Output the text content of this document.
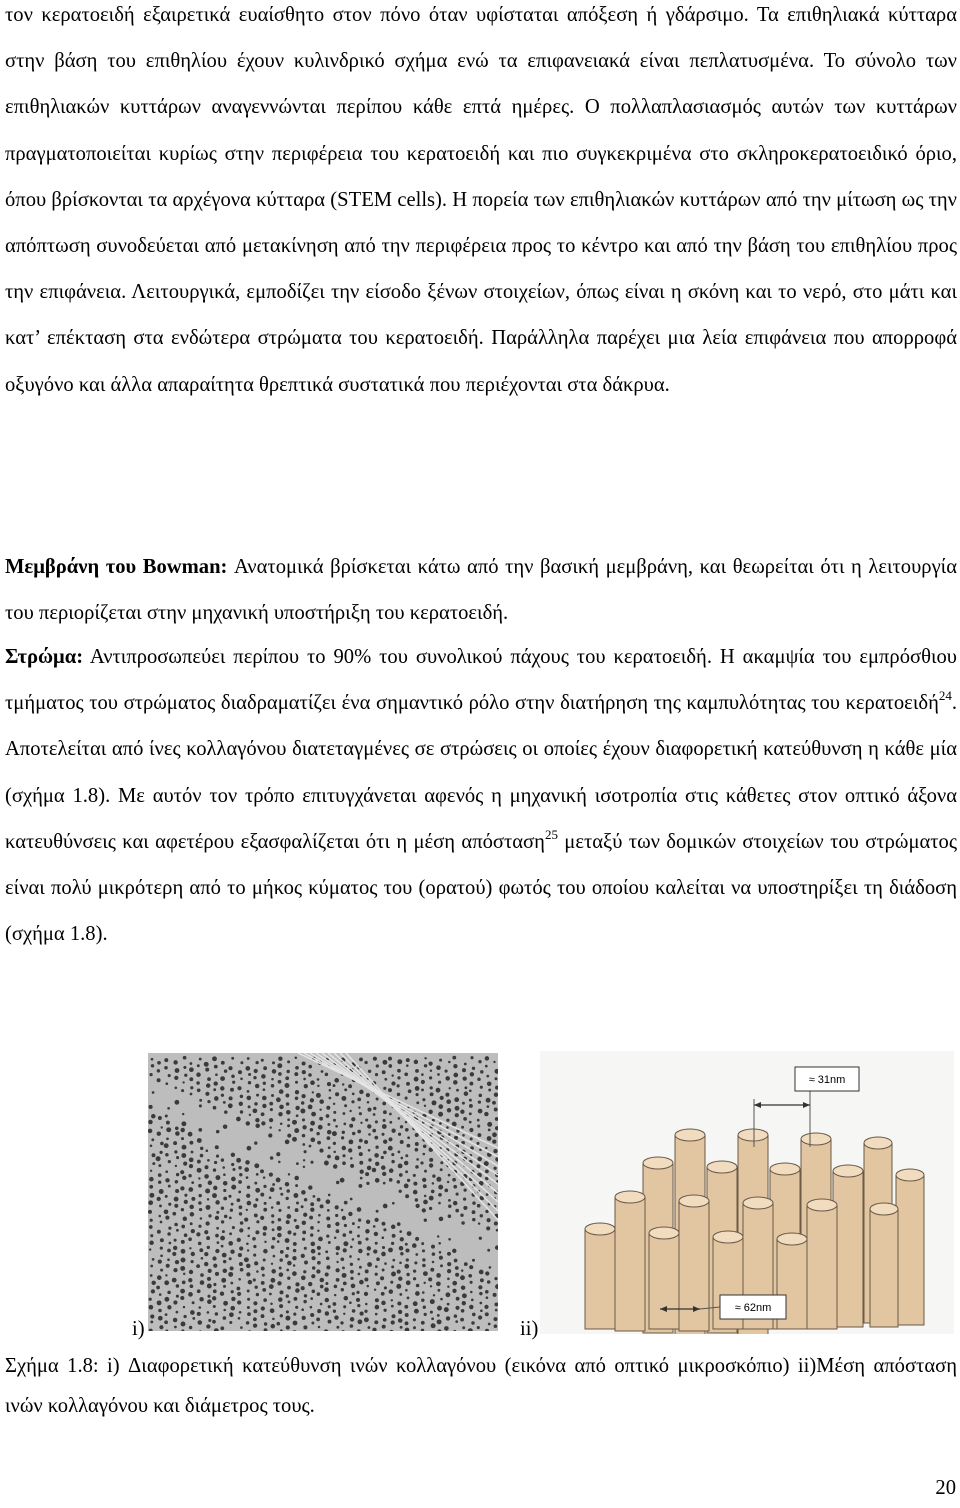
τον κερατοειδή εξαιρετικά ευαίσθητο στον πόνο όταν υφίσταται απόξεση ή γδάρσιμο. Τα επιθηλιακά κύτταρα στην βάση του επιθηλίου έχουν κυλινδρικό σχήμα ενώ τα επιφανειακά είναι πεπλατυσμένα. Το σύνολο των επιθηλιακών κυττάρων αναγεννώνται περίπου κάθε επτά ημέρες. Ο πολλαπλασιασμός αυτών των κυττάρων πραγματοποιείται κυρίως στην περιφέρεια του κερατοειδή και πιο συγκεκριμένα στο σκληροκερατοειδικό όριο, όπου βρίσκονται τα αρχέγονα κύτταρα (STEM cells). Η πορεία των επιθηλιακών κυττάρων από την μίτωση ως την απόπτωση συνοδεύεται από μετακίνηση από την περιφέρεια προς το κέντρο και από την βάση του επιθηλίου προς την επιφάνεια. Λειτουργικά, εμποδίζει την είσοδο ξένων στοιχείων, όπως είναι η σκόνη και το νερό, στο μάτι και κατ’ επέκταση στα ενδώτερα στρώματα του κερατοειδή. Παράλληλα παρέχει μια λεία επιφάνεια που απορροφά οξυγόνο και άλλα απαραίτητα θρεπτικά συστατικά που περιέχονται στα δάκρυα.

Μεμβράνη του Bowman: Ανατομικά βρίσκεται κάτω από την βασική μεμβράνη, και θεωρείται ότι η λειτουργία του περιορίζεται στην μηχανική υποστήριξη του κερατοειδή.

Στρώμα: Αντιπροσωπεύει περίπου το 90% του συνολικού πάχους του κερατοειδή. Η ακαμψία του εμπρόσθιου τμήματος του στρώματος διαδραματίζει ένα σημαντικό ρόλο στην διατήρηση της καμπυλότητας του κερατοειδή$^{24}$. Αποτελείται από ίνες κολλαγόνου διατεταγμένες σε στρώσεις οι οποίες έχουν διαφορετική κατεύθυνση η κάθε μία (σχήμα 1.8). Με αυτόν τον τρόπο επιτυγχάνεται αφενός η μηχανική ισοτροπία στις κάθετες στον οπτικό άξονα κατευθύνσεις και αφετέρου εξασφαλίζεται ότι η μέση απόσταση$^{25}$ μεταξύ των δομικών στοιχείων του στρώματος είναι πολύ μικρότερη από το μήκος κύματος του (ορατού) φωτός του οποίου καλείται να υποστηρίξει τη διάδοση (σχήμα 1.8).

i)
≈ 31nm
≈ 62nm
ii)

Σχήμα 1.8: i) Διαφορετική κατεύθυνση ινών κολλαγόνου (εικόνα από οπτικό μικροσκόπιο) ii)Μέση απόσταση ινών κολλαγόνου και διάμετρος τους.

20
